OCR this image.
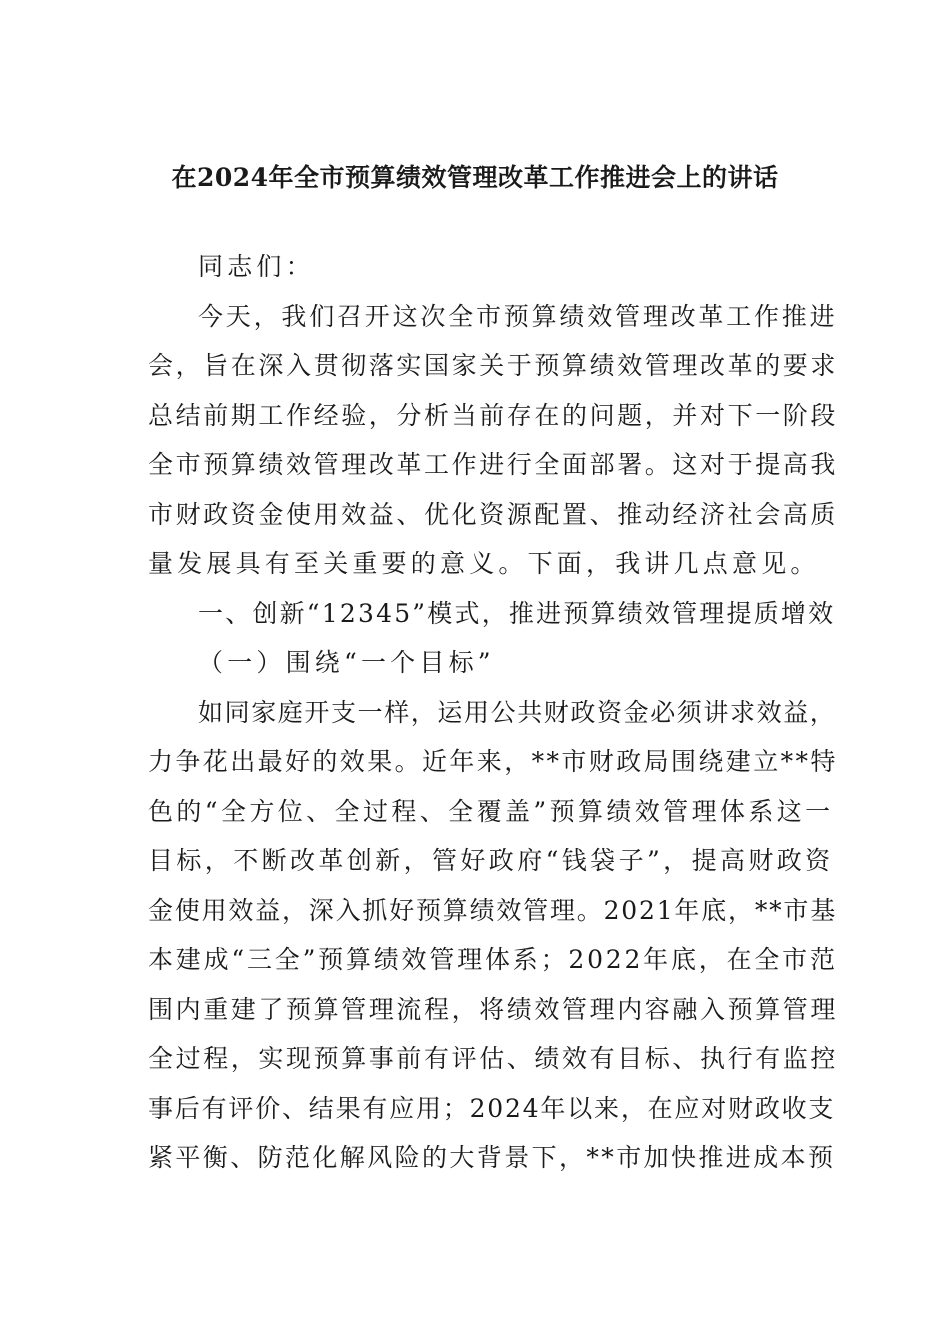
在2024年全市预算绩效管理改革工作推进会上的讲话
同志们：
今天，我们召开这次全市预算绩效管理改革工作推进
会，旨在深入贯彻落实国家关于预算绩效管理改革的要求
总结前期工作经验，分析当前存在的问题，并对下一阶段
全市预算绩效管理改革工作进行全面部署。这对于提高我
市财政资金使用效益、优化资源配置、推动经济社会高质
量发展具有至关重要的意义。下面，我讲几点意见。
一、创新“12345”模式，推进预算绩效管理提质增效
（一）围绕“一个目标”
如同家庭开支一样，运用公共财政资金必须讲求效益，
力争花出最好的效果。近年来，**市财政局围绕建立**特
色的“全方位、全过程、全覆盖”预算绩效管理体系这一
目标，不断改革创新，管好政府“钱袋子”，提高财政资
金使用效益，深入抓好预算绩效管理。2021年底，**市基
本建成“三全”预算绩效管理体系；2022年底，在全市范
围内重建了预算管理流程，将绩效管理内容融入预算管理
全过程，实现预算事前有评估、绩效有目标、执行有监控
事后有评价、结果有应用；2024年以来，在应对财政收支
紧平衡、防范化解风险的大背景下，**市加快推进成本预
